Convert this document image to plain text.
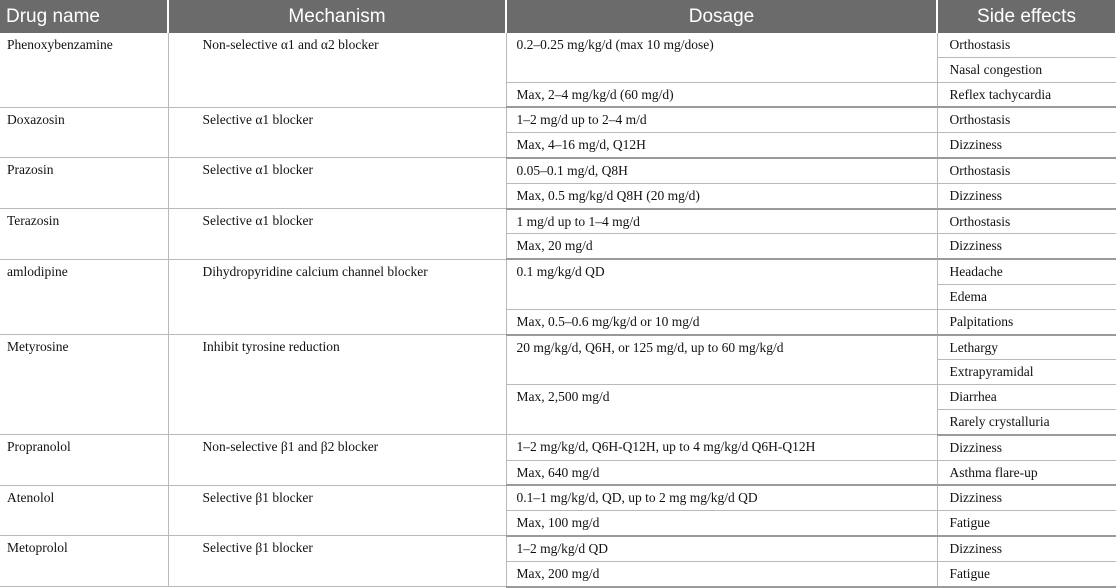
Drug name	Mechanism	Dosage	Side effects
Phenoxybenzamine	Non-selective α1 and α2 blocker	0.2–0.25 mg/kg/d (max 10 mg/dose)	Orthostasis
			Nasal congestion
		Max, 2–4 mg/kg/d (60 mg/d)	Reflex tachycardia
Doxazosin	Selective α1 blocker	1–2 mg/d up to 2–4 m/d	Orthostasis
		Max, 4–16 mg/d, Q12H	Dizziness
Prazosin	Selective α1 blocker	0.05–0.1 mg/d, Q8H	Orthostasis
		Max, 0.5 mg/kg/d Q8H (20 mg/d)	Dizziness
Terazosin	Selective α1 blocker	1 mg/d up to 1–4 mg/d	Orthostasis
		Max, 20 mg/d	Dizziness
amlodipine	Dihydropyridine calcium channel blocker	0.1 mg/kg/d QD	Headache
			Edema
		Max, 0.5–0.6 mg/kg/d or 10 mg/d	Palpitations
Metyrosine	Inhibit tyrosine reduction	20 mg/kg/d, Q6H, or 125 mg/d, up to 60 mg/kg/d	Lethargy
			Extrapyramidal
		Max, 2,500 mg/d	Diarrhea
			Rarely crystalluria
Propranolol	Non-selective β1 and β2 blocker	1–2 mg/kg/d, Q6H-Q12H, up to 4 mg/kg/d Q6H-Q12H	Dizziness
		Max, 640 mg/d	Asthma flare-up
Atenolol	Selective β1 blocker	0.1–1 mg/kg/d, QD, up to 2 mg mg/kg/d QD	Dizziness
		Max, 100 mg/d	Fatigue
Metoprolol	Selective β1 blocker	1–2 mg/kg/d QD	Dizziness
		Max, 200 mg/d	Fatigue
